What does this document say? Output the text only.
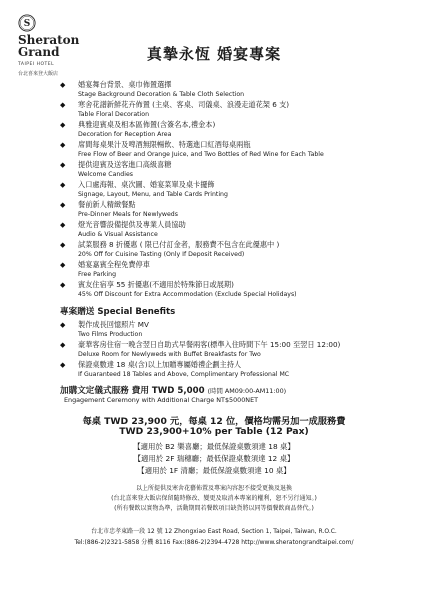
S
Sheraton
Grand
TAIPEI HOTEL
台北喜來登大飯店
真摯永恆 婚宴專案
◆ 婚宴舞台背景、桌巾佈置選擇
Stage Background Decoration & Table Cloth Selection
◆ 寒舍花譜新鮮花卉佈置 (主桌、客桌、司儀桌、浪漫走道花架 6 支)
Table Floral Decoration
◆ 典雅迎賓桌及相本區佈置(含簽名本,禮金本)
Decoration for Reception Area
◆ 席間每桌果汁及啤酒無限暢飲、特選進口紅酒每桌兩瓶
Free Flow of Beer and Orange Juice, and Two Bottles of Red Wine for Each Table
◆ 提供迎賓及送客進口高級喜糖
Welcome Candies
◆ 入口處海報、桌次圖、婚宴菜單及桌卡擺飾
Signage, Layout, Menu, and Table Cards Printing
◆ 餐前新人精緻餐點
Pre-Dinner Meals for Newlyweds
◆ 燈光音響設備提供及專業人員協助
Audio & Visual Assistance
◆ 試菜服務 8 折優惠 ( 限已付訂金者，服務費不包含在此優惠中 )
20% Off for Cuisine Tasting (Only If Deposit Received)
◆ 婚宴嘉賓全程免費停車
Free Parking
◆ 賓友住宿享 55 折優惠(不適用於特殊節日或展期)
45% Off Discount for Extra Accommodation (Exclude Special Holidays)
專案贈送 Special Benefits
◆ 製作成長回憶照片 MV
Two Films Production
◆ 豪華客房住宿一晚含翌日自助式早餐兩客(標準入住時間下午 15:00 至翌日 12:00)
Deluxe Room for Newlyweds with Buffet Breakfasts for Two
◆ 保證桌數達 18 桌(含)以上加贈專屬婚禮企劃主持人
If Guaranteed 18 Tables and Above, Complimentary Professional MC
加購文定儀式服務 費用 TWD 5,000 (時間 AM09:00-AM11:00)
Engagement Ceremony with Additional Charge NT$5000NET
每桌 TWD 23,900 元，每桌 12 位，價格均需另加一成服務費
TWD 23,900+10% per Table (12 Pax)
【適用於 B2 樂喜廳；最低保證桌數須達 18 桌】
【適用於 2F 瑞穗廳；最低保證桌數須達 12 桌】
【適用於 1F 清廳；最低保證桌數須達 10 桌】
以上所提供及寒舍花藝佈置及專案內容恕不接受更換及退換
(台北喜來登大飯店保留隨時修改、變更及取消本專案的權利，恕不另行通知。)
(所有餐飲以實物為準，活動期間若餐飲項目缺貨將以同等價餐飲商品替代。)
台北市忠孝東路一段 12 號 12 Zhongxiao East Road, Section 1, Taipei, Taiwan, R.O.C.
Tel:(886-2)2321-5858 分機 8116 Fax:(886-2)2394-4728 http://www.sheratongrandtaipei.com/
